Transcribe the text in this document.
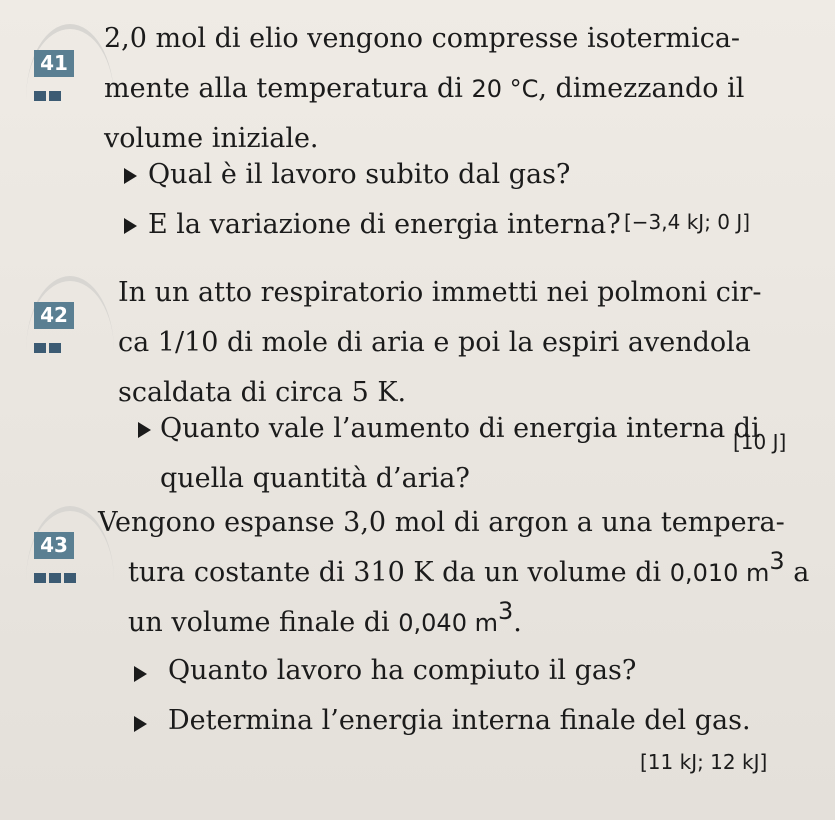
41
2,0 mol di elio vengono compresse isotermica-
mente alla temperatura di 20 °C, dimezzando il
volume iniziale.
Qual è il lavoro subito dal gas?
E la variazione di energia interna? [−3,4 kJ; 0 J]
42
In un atto respiratorio immetti nei polmoni cir-
ca 1/10 di mole di aria e poi la espiri avendola
scaldata di circa 5 K.
Quanto vale l’aumento di energia interna di
quella quantità d’aria?
[10 J]
43
Vengono espanse 3,0 mol di argon a una tempera-
tura costante di 310 K da un volume di 0,010 $m^3$ a
un volume finale di 0,040 $m^3$.
Quanto lavoro ha compiuto il gas?
Determina l’energia interna finale del gas.
[11 kJ; 12 kJ]
